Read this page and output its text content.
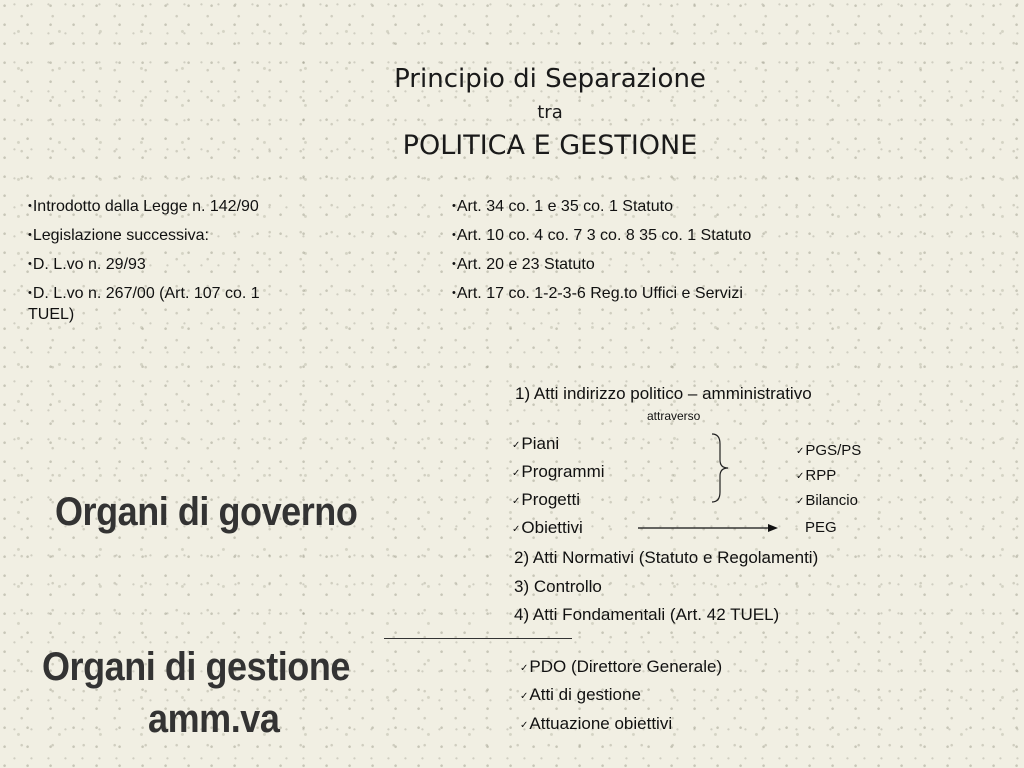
Principio di Separazione
tra
POLITICA E GESTIONE
• Introdotto dalla Legge n. 142/90
• Legislazione successiva:
• D. L.vo n. 29/93
• D. L.vo n. 267/00 (Art. 107 co. 1
TUEL)
• Art. 34 co. 1 e 35 co. 1 Statuto
• Art. 10 co. 4 co. 7 3 co. 8 35 co. 1 Statuto
• Art. 20 e 23 Statuto
• Art. 17 co. 1-2-3-6 Reg.to Uffici e Servizi
Organi di governo
1) Atti indirizzo politico – amministrativo
attraverso
✓ Piani
✓ Programmi
✓ Progetti
✓ Obiettivi
✓ PGS/PS
✓ RPP
✓ Bilancio
PEG
2) Atti Normativi (Statuto e Regolamenti)
3) Controllo
4) Atti Fondamentali (Art. 42 TUEL)
Organi di gestione
amm.va
✓ PDO (Direttore Generale)
✓ Atti di gestione
✓ Attuazione obiettivi
